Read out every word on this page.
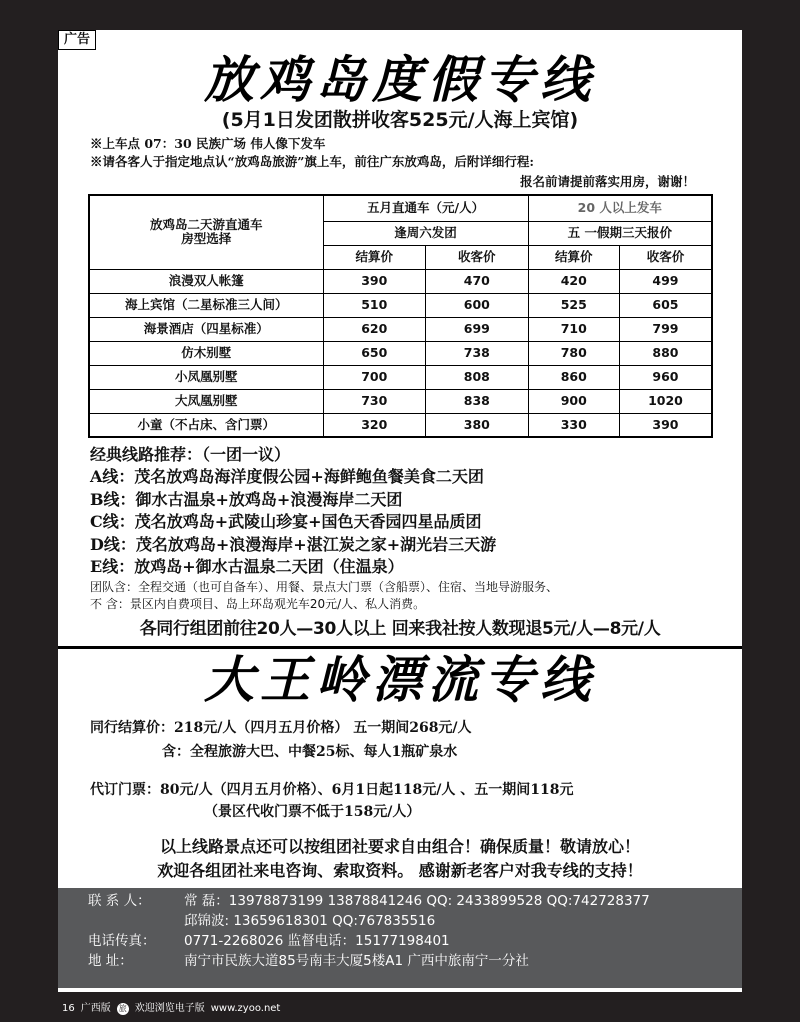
广告
放鸡岛度假专线
(5月1日发团散拼收客525元/人海上宾馆)
※上车点 07：30 民族广场 伟人像下发车
※请各客人于指定地点认“放鸡岛旅游”旗上车，前往广东放鸡岛，后附详细行程:
报名前请提前落实用房，谢谢！
放鸡岛二天游直通车
房型选择	五月直通车（元/人）		20 人以上发车	
	逢周六发团		五 一假期三天报价	
	结算价	收客价	结算价	收客价
浪漫双人帐篷	390	470	420	499
海上宾馆（二星标准三人间）	510	600	525	605
海景酒店（四星标准）	620	699	710	799
仿木别墅	650	738	780	880
小凤凰别墅	700	808	860	960
大凤凰别墅	730	838	900	1020
小童（不占床、含门票）	320	380	330	390
经典线路推荐：（一团一议）
A线：茂名放鸡岛海洋度假公园+海鲜鲍鱼餐美食二天团
B线：御水古温泉+放鸡岛+浪漫海岸二天团
C线：茂名放鸡岛+武陵山珍宴+国色天香园四星品质团
D线：茂名放鸡岛+浪漫海岸+湛江炭之家+湖光岩三天游
E线：放鸡岛+御水古温泉二天团（住温泉）
团队含：全程交通（也可自备车）、用餐、景点大门票（含船票）、住宿、当地导游服务、
不 含：景区内自费项目、岛上环岛观光车20元/人、私人消费。
各同行组团前往20人—30人以上 回来我社按人数现退5元/人—8元/人
大王岭漂流专线
同行结算价：218元/人（四月五月价格） 五一期间268元/人
含：全程旅游大巴、中餐25标、每人1瓶矿泉水
代订门票：80元/人（四月五月价格）、6月1日起118元/人 、五一期间118元
（景区代收门票不低于158元/人）
以上线路景点还可以按组团社要求自由组合！确保质量！敬请放心！
欢迎各组团社来电咨询、索取资料。 感谢新老客户对我专线的支持！
联 系 人：	常 磊：13978873199 13878841246 QQ: 2433899528 QQ:742728377
邱锦波: 13659618301 QQ:767835516
电话传真：	0771-2268026 监督电话：15177198401
地 址：	南宁市民族大道85号南丰大厦5楼A1 广西中旅南宁一分社
16 广西版 旅 欢迎浏览电子版 www.zyoo.net
